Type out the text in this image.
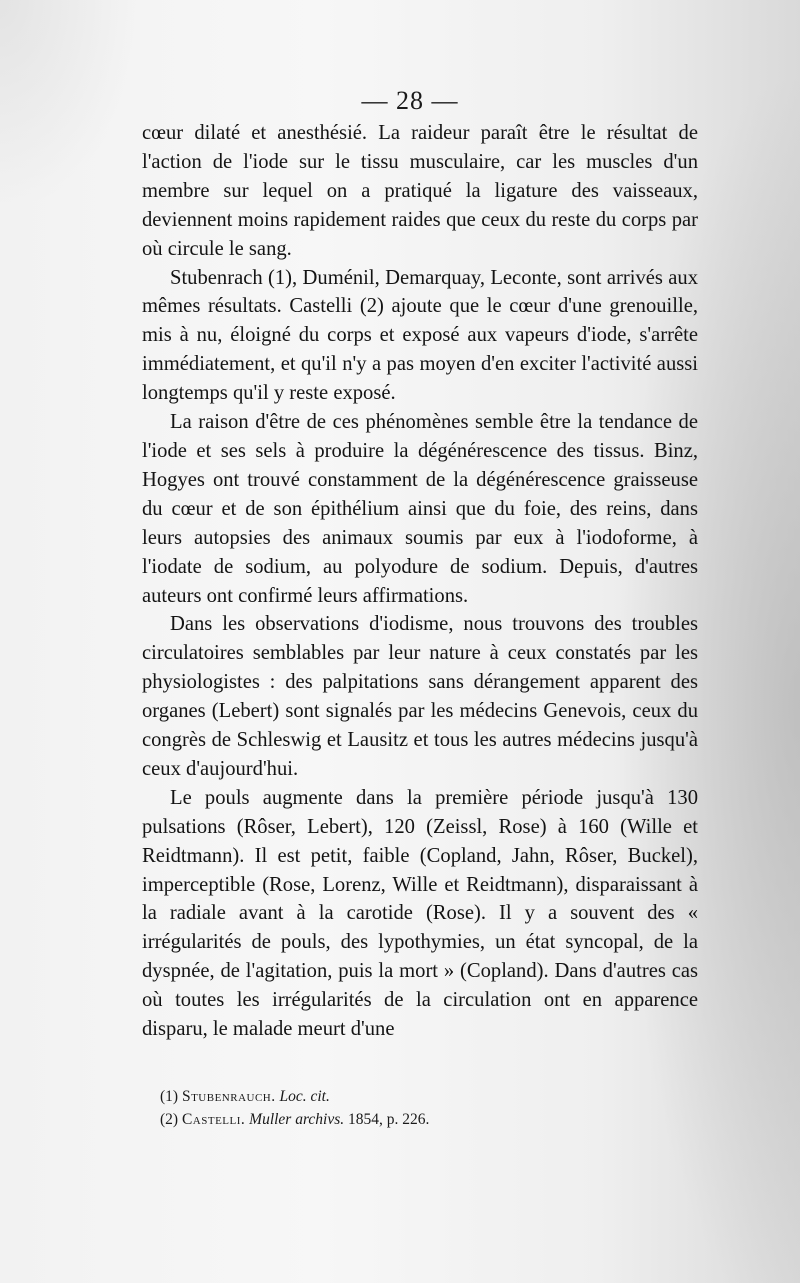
— 28 —

cœur dilaté et anesthésié. La raideur paraît être le résultat de l'action de l'iode sur le tissu musculaire, car les muscles d'un membre sur lequel on a pratiqué la ligature des vaisseaux, deviennent moins rapidement raides que ceux du reste du corps par où circule le sang.

Stubenrach (1), Duménil, Demarquay, Leconte, sont arrivés aux mêmes résultats. Castelli (2) ajoute que le cœur d'une grenouille, mis à nu, éloigné du corps et exposé aux vapeurs d'iode, s'arrête immédiatement, et qu'il n'y a pas moyen d'en exciter l'activité aussi longtemps qu'il y reste exposé.

La raison d'être de ces phénomènes semble être la tendance de l'iode et ses sels à produire la dégénérescence des tissus. Binz, Hogyes ont trouvé constamment de la dégénérescence graisseuse du cœur et de son épithélium ainsi que du foie, des reins, dans leurs autopsies des animaux soumis par eux à l'iodoforme, à l'iodate de sodium, au polyodure de sodium. Depuis, d'autres auteurs ont confirmé leurs affirmations.

Dans les observations d'iodisme, nous trouvons des troubles circulatoires semblables par leur nature à ceux constatés par les physiologistes : des palpitations sans dérangement apparent des organes (Lebert) sont signalés par les médecins Genevois, ceux du congrès de Schleswig et Lausitz et tous les autres médecins jusqu'à ceux d'aujourd'hui.

Le pouls augmente dans la première période jusqu'à 130 pulsations (Rôser, Lebert), 120 (Zeissl, Rose) à 160 (Wille et Reidtmann). Il est petit, faible (Copland, Jahn, Rôser, Buckel), imperceptible (Rose, Lorenz, Wille et Reidtmann), disparaissant à la radiale avant à la carotide (Rose). Il y a souvent des « irrégularités de pouls, des lypothymies, un état syncopal, de la dyspnée, de l'agitation, puis la mort » (Copland). Dans d'autres cas où toutes les irrégularités de la circulation ont en apparence disparu, le malade meurt d'une

(1) Stubenrauch. Loc. cit.

(2) Castelli. Muller archivs. 1854, p. 226.
